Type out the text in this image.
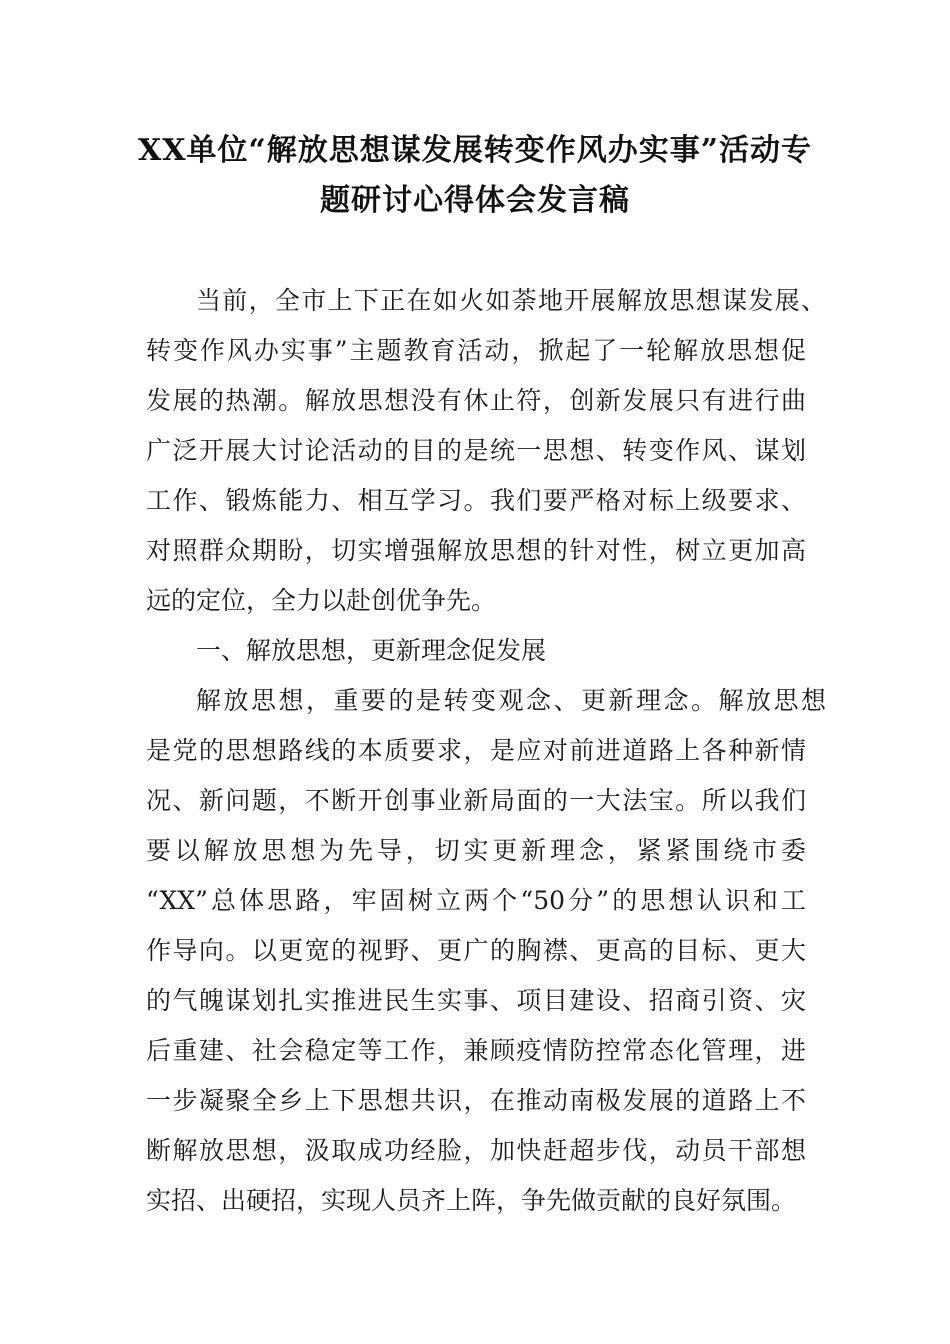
XX单位“解放思想谋发展转变作风办实事”活动专
题研讨心得体会发言稿
当前，全市上下正在如火如荼地开展解放思想谋发展、
转变作风办实事”主题教育活动，掀起了一轮解放思想促
发展的热潮。解放思想没有休止符，创新发展只有进行曲
广泛开展大讨论活动的目的是统一思想、转变作风、谋划
工作、锻炼能力、相互学习。我们要严格对标上级要求、
对照群众期盼，切实增强解放思想的针对性，树立更加高
远的定位，全力以赴创优争先。
一、解放思想，更新理念促发展
解放思想，重要的是转变观念、更新理念。解放思想
是党的思想路线的本质要求，是应对前进道路上各种新情
况、新问题，不断开创事业新局面的一大法宝。所以我们
要以解放思想为先导，切实更新理念，紧紧围绕市委
“XX”总体思路，牢固树立两个“50分”的思想认识和工
作导向。以更宽的视野、更广的胸襟、更高的目标、更大
的气魄谋划扎实推进民生实事、项目建设、招商引资、灾
后重建、社会稳定等工作，兼顾疫情防控常态化管理，进
一步凝聚全乡上下思想共识，在推动南极发展的道路上不
断解放思想，汲取成功经脸，加快赶超步伐，动员干部想
实招、出硬招，实现人员齐上阵，争先做贡献的良好氛围。
